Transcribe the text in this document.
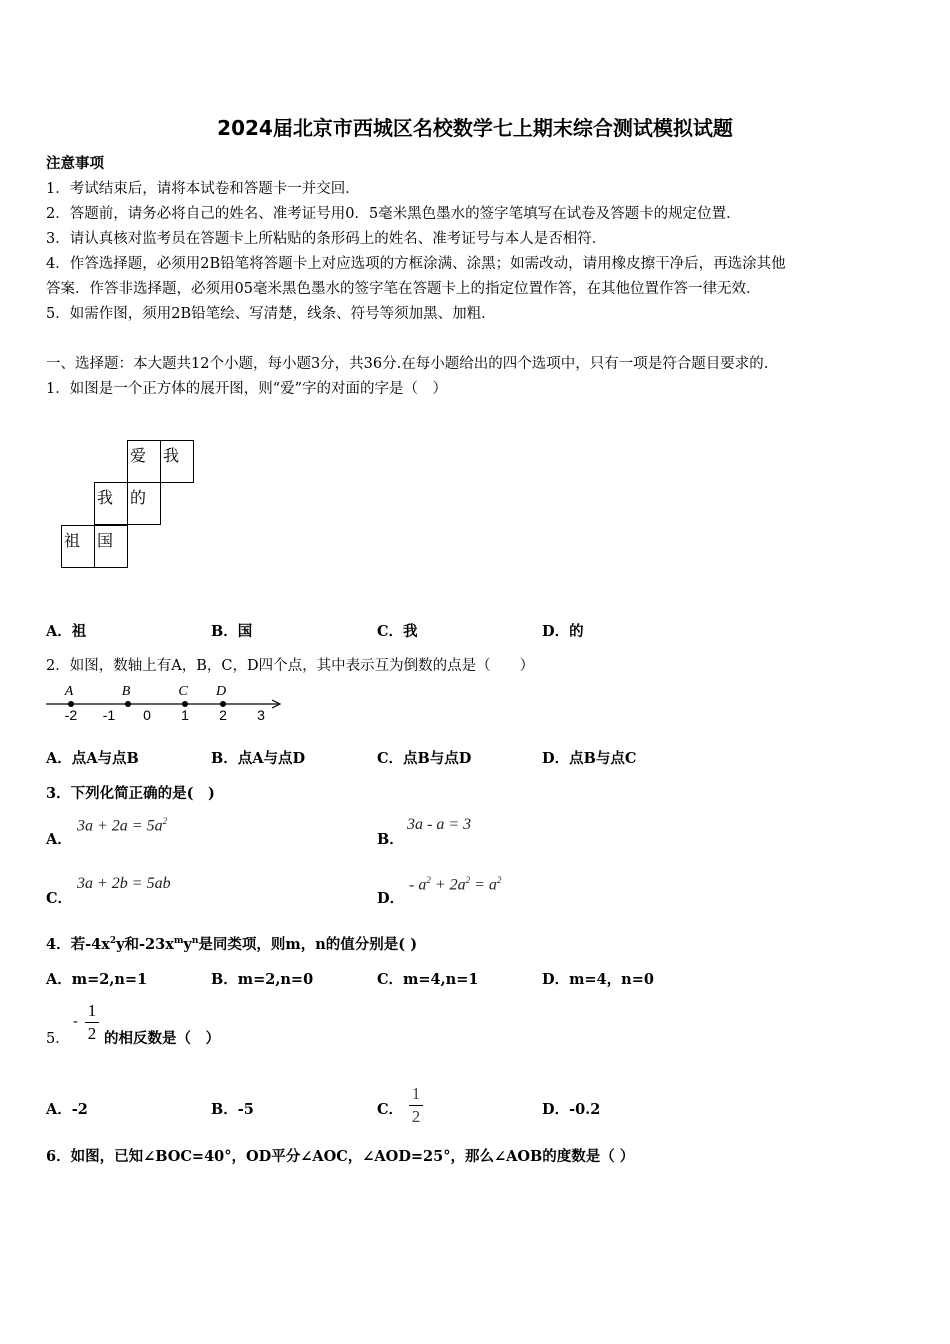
2024届北京市西城区名校数学七上期末综合测试模拟试题
注意事项
1．考试结束后，请将本试卷和答题卡一并交回．
2．答题前，请务必将自己的姓名、准考证号用0．5毫米黑色墨水的签字笔填写在试卷及答题卡的规定位置．
3．请认真核对监考员在答题卡上所粘贴的条形码上的姓名、准考证号与本人是否相符．
4．作答选择题，必须用2B铅笔将答题卡上对应选项的方框涂满、涂黑；如需改动，请用橡皮擦干净后，再选涂其他
答案．作答非选择题，必须用05毫米黑色墨水的签字笔在答题卡上的指定位置作答，在其他位置作答一律无效．
5．如需作图，须用2B铅笔绘、写清楚，线条、符号等须加黑、加粗．
一、选择题：本大题共12个小题，每小题3分，共36分.在每小题给出的四个选项中，只有一项是符合题目要求的.
1．如图是一个正方体的展开图，则“爱”字的对面的字是（　）
爱	我
我	的
祖	国
A．祖	B．国	C．我	D．的
2．如图，数轴上有A，B，C，D四个点，其中表示互为倒数的点是（　　）
-2 -1 0 1 2 3
A	B	C D
A．点A与点B	B．点A与点D	C．点B与点D	D．点B与点C
3．下列化简正确的是(　)
A．
$3a + 2a = 5a^2$
B．
3a - a = 3
C．
3a + 2b = 5ab
D．
- $a^2 + 2a^2 = a^2$
4．若$-4x^2y$和$-23x^my^n$是同类项，则m，n的值分别是( )
A．m=2,n=1	B．m=2,n=0	C．m=4,n=1	D．m=4，n=0
5．
-
1
2 的相反数是（　）
A．-2	B．-5	C．
1
2	D．-0.2
6．如图，已知∠BOC=40°，OD平分∠AOC，∠AOD=25°，那么∠AOB的度数是（ ）
